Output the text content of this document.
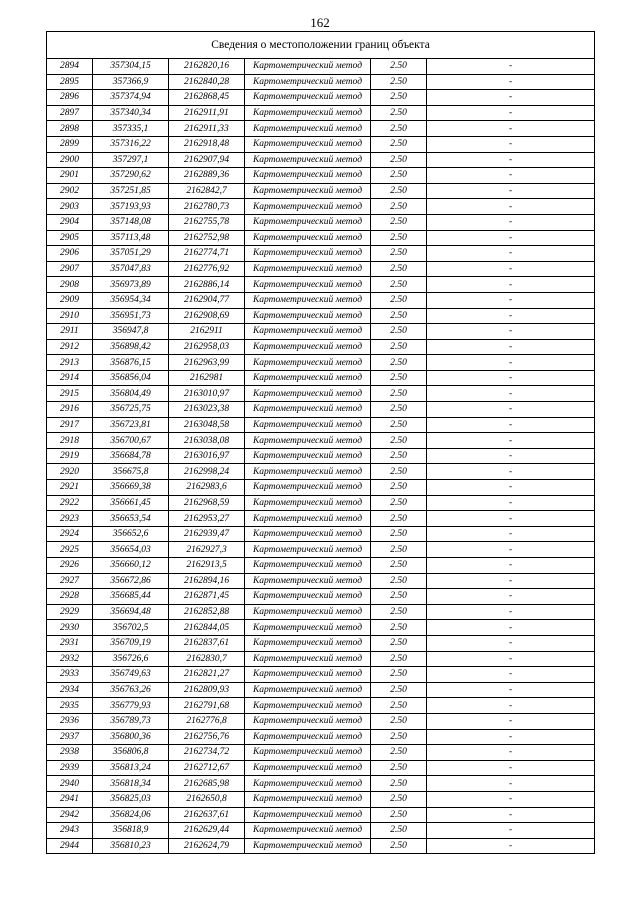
162
Сведения о местоположении границ объекта					
2894	357304,15	2162820,16	Картометрический метод	2.50	-
2895	357366,9	2162840,28	Картометрический метод	2.50	-
2896	357374,94	2162868,45	Картометрический метод	2.50	-
2897	357340,34	2162911,91	Картометрический метод	2.50	-
2898	357335,1	2162911,33	Картометрический метод	2.50	-
2899	357316,22	2162918,48	Картометрический метод	2.50	-
2900	357297,1	2162907,94	Картометрический метод	2.50	-
2901	357290,62	2162889,36	Картометрический метод	2.50	-
2902	357251,85	2162842,7	Картометрический метод	2.50	-
2903	357193,93	2162780,73	Картометрический метод	2.50	-
2904	357148,08	2162755,78	Картометрический метод	2.50	-
2905	357113,48	2162752,98	Картометрический метод	2.50	-
2906	357051,29	2162774,71	Картометрический метод	2.50	-
2907	357047,83	2162776,92	Картометрический метод	2.50	-
2908	356973,89	2162886,14	Картометрический метод	2.50	-
2909	356954,34	2162904,77	Картометрический метод	2.50	-
2910	356951,73	2162908,69	Картометрический метод	2.50	-
2911	356947,8	2162911	Картометрический метод	2.50	-
2912	356898,42	2162958,03	Картометрический метод	2.50	-
2913	356876,15	2162963,99	Картометрический метод	2.50	-
2914	356856,04	2162981	Картометрический метод	2.50	-
2915	356804,49	2163010,97	Картометрический метод	2.50	-
2916	356725,75	2163023,38	Картометрический метод	2.50	-
2917	356723,81	2163048,58	Картометрический метод	2.50	-
2918	356700,67	2163038,08	Картометрический метод	2.50	-
2919	356684,78	2163016,97	Картометрический метод	2.50	-
2920	356675,8	2162998,24	Картометрический метод	2.50	-
2921	356669,38	2162983,6	Картометрический метод	2.50	-
2922	356661,45	2162968,59	Картометрический метод	2.50	-
2923	356653,54	2162953,27	Картометрический метод	2.50	-
2924	356652,6	2162939,47	Картометрический метод	2.50	-
2925	356654,03	2162927,3	Картометрический метод	2.50	-
2926	356660,12	2162913,5	Картометрический метод	2.50	-
2927	356672,86	2162894,16	Картометрический метод	2.50	-
2928	356685,44	2162871,45	Картометрический метод	2.50	-
2929	356694,48	2162852,88	Картометрический метод	2.50	-
2930	356702,5	2162844,05	Картометрический метод	2.50	-
2931	356709,19	2162837,61	Картометрический метод	2.50	-
2932	356726,6	2162830,7	Картометрический метод	2.50	-
2933	356749,63	2162821,27	Картометрический метод	2.50	-
2934	356763,26	2162809,93	Картометрический метод	2.50	-
2935	356779,93	2162791,68	Картометрический метод	2.50	-
2936	356789,73	2162776,8	Картометрический метод	2.50	-
2937	356800,36	2162756,76	Картометрический метод	2.50	-
2938	356806,8	2162734,72	Картометрический метод	2.50	-
2939	356813,24	2162712,67	Картометрический метод	2.50	-
2940	356818,34	2162685,98	Картометрический метод	2.50	-
2941	356825,03	2162650,8	Картометрический метод	2.50	-
2942	356824,06	2162637,61	Картометрический метод	2.50	-
2943	356818,9	2162629,44	Картометрический метод	2.50	-
2944	356810,23	2162624,79	Картометрический метод	2.50	-
